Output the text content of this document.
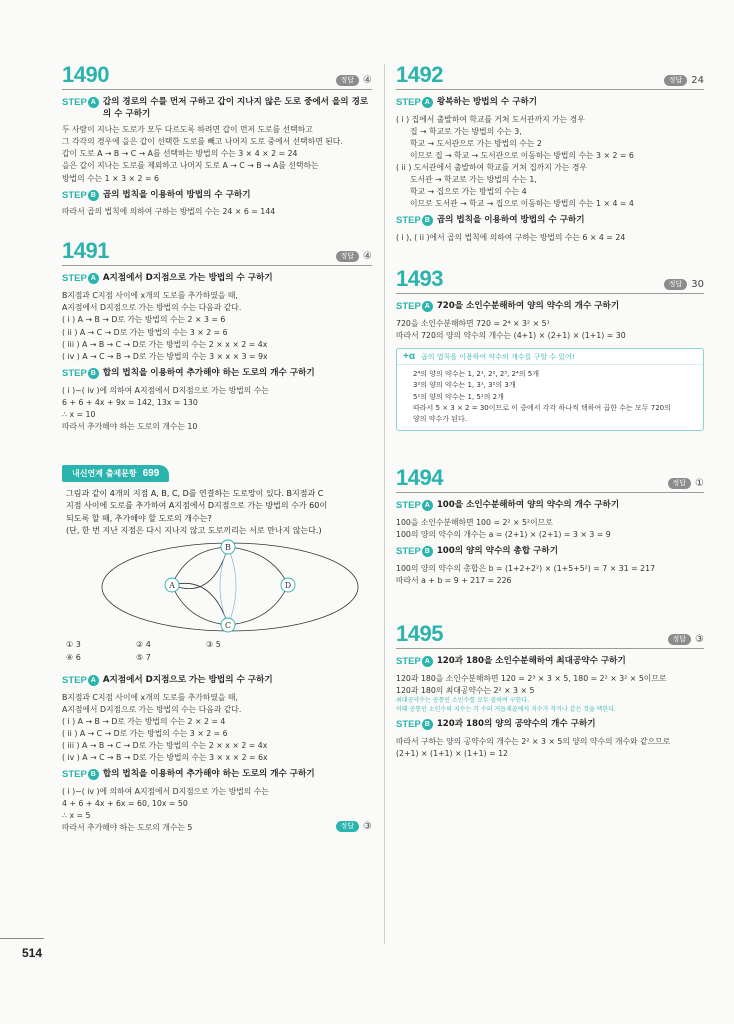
1490	정답 ④
STEP A 갑의 경로의 수를 먼저 구하고 갑이 지나지 않은 도로 중에서 을의 경로의 수 구하기
두 사람이 지나는 도로가 모두 다르도록 하려면 갑이 먼저 도로를 선택하고
그 각각의 경우에 을은 갑이 선택한 도로를 빼고 나머지 도로 중에서 선택하면 된다.
갑이 도로 A → B → C → A를 선택하는 방법의 수는 3 × 4 × 2 = 24
을은 갑이 지나는 도로를 제외하고 나머지 도로 A → C → B → A를 선택하는
방법의 수는 1 × 3 × 2 = 6
STEP B 곱의 법칙을 이용하여 방법의 수 구하기
따라서 곱의 법칙에 의하여 구하는 방법의 수는 24 × 6 = 144
1491	정답 ④
STEP A A지점에서 D지점으로 가는 방법의 수 구하기
B지점과 C지점 사이에 x개의 도로를 추가하였을 때,
A지점에서 D지점으로 가는 방법의 수는 다음과 같다.
( i ) A → B → D로 가는 방법의 수는 2 × 3 = 6
( ii ) A → C → D로 가는 방법의 수는 3 × 2 = 6
( iii ) A → B → C → D로 가는 방법의 수는 2 × x × 2 = 4x
( iv ) A → C → B → D로 가는 방법의 수는 3 × x × 3 = 9x
STEP B 합의 법칙을 이용하여 추가해야 하는 도로의 개수 구하기
( i )~( iv )에 의하여 A지점에서 D지점으로 가는 방법의 수는
6 + 6 + 4x + 9x = 142, 13x = 130
∴ x = 10
따라서 추가해야 하는 도로의 개수는 10
내신연계 출제문항 699
그림과 같이 4개의 지점 A, B, C, D를 연결하는 도로망이 있다. B지점과 C
지점 사이에 도로를 추가하여 A지점에서 D지점으로 가는 방법의 수가 60이
되도록 할 때, 추가해야 할 도로의 개수는?
(단, 한 번 지난 지점은 다시 지나지 않고 도로끼리는 서로 만나지 않는다.)
A
B
C
D
① 3	② 4	③ 5
④ 6	⑤ 7
STEP A A지점에서 D지점으로 가는 방법의 수 구하기
B지점과 C지점 사이에 x개의 도로를 추가하였을 때,
A지점에서 D지점으로 가는 방법의 수는 다음과 같다.
( i ) A → B → D로 가는 방법의 수는 2 × 2 = 4
( ii ) A → C → D로 가는 방법의 수는 3 × 2 = 6
( iii ) A → B → C → D로 가는 방법의 수는 2 × x × 2 = 4x
( iv ) A → C → B → D로 가는 방법의 수는 3 × x × 2 = 6x
STEP B 합의 법칙을 이용하여 추가해야 하는 도로의 개수 구하기
( i )~( iv )에 의하여 A지점에서 D지점으로 가는 방법의 수는
4 + 6 + 4x + 6x = 60, 10x = 50
∴ x = 5
따라서 추가해야 하는 도로의 개수는 5	정답 ③
1492	정답 24
STEP A 왕복하는 방법의 수 구하기
( i ) 집에서 출발하여 학교를 거쳐 도서관까지 가는 경우
집 → 학교로 가는 방법의 수는 3,
학교 → 도서관으로 가는 방법의 수는 2
이므로 집 → 학교 → 도서관으로 이동하는 방법의 수는 3 × 2 = 6
( ii ) 도서관에서 출발하여 학교를 거쳐 집까지 가는 경우
도서관 → 학교로 가는 방법의 수는 1,
학교 → 집으로 가는 방법의 수는 4
이므로 도서관 → 학교 → 집으로 이동하는 방법의 수는 1 × 4 = 4
STEP B 곱의 법칙을 이용하여 방법의 수 구하기
( i ), ( ii )에서 곱의 법칙에 의하여 구하는 방법의 수는 6 × 4 = 24
1493	정답 30
STEP A 720을 소인수분해하여 양의 약수의 개수 구하기
720을 소인수분해하면 720 = 2⁴ × 3² × 5¹
따라서 720의 양의 약수의 개수는 (4+1) × (2+1) × (1+1) = 30
+α 곱의 법칙을 이용하여 약수의 개수를 구할 수 있어!
2⁴의 양의 약수는 1, 2¹, 2², 2³, 2⁴의 5개
3²의 양의 약수는 1, 3¹, 3²의 3개
5¹의 양의 약수는 1, 5¹의 2개
따라서 5 × 3 × 2 = 30이므로 이 중에서 각각 하나씩 택하여 곱한 수는 모두 720의
양의 약수가 된다.
1494	정답 ①
STEP A 100을 소인수분해하여 양의 약수의 개수 구하기
100을 소인수분해하면 100 = 2² × 5²이므로
100의 양의 약수의 개수는 a = (2+1) × (2+1) = 3 × 3 = 9
STEP B 100의 양의 약수의 총합 구하기
100의 양의 약수의 총합은 b = (1+2+2²) × (1+5+5²) = 7 × 31 = 217
따라서 a + b = 9 + 217 = 226
1495	정답 ③
STEP A 120과 180을 소인수분해하여 최대공약수 구하기
120과 180을 소인수분해하면 120 = 2³ × 3 × 5, 180 = 2² × 3² × 5이므로
120과 180의 최대공약수는 2² × 3 × 5
최대공약수는 공통인 소인수를 모두 곱하여 구한다.
이때 공통인 소인수의 지수는 각 수의 거듭제곱에서 지수가 작거나 같은 것을 택한다.
STEP B 120과 180의 양의 공약수의 개수 구하기
따라서 구하는 양의 공약수의 개수는 2² × 3 × 5의 양의 약수의 개수와 같으므로
(2+1) × (1+1) × (1+1) = 12
514
